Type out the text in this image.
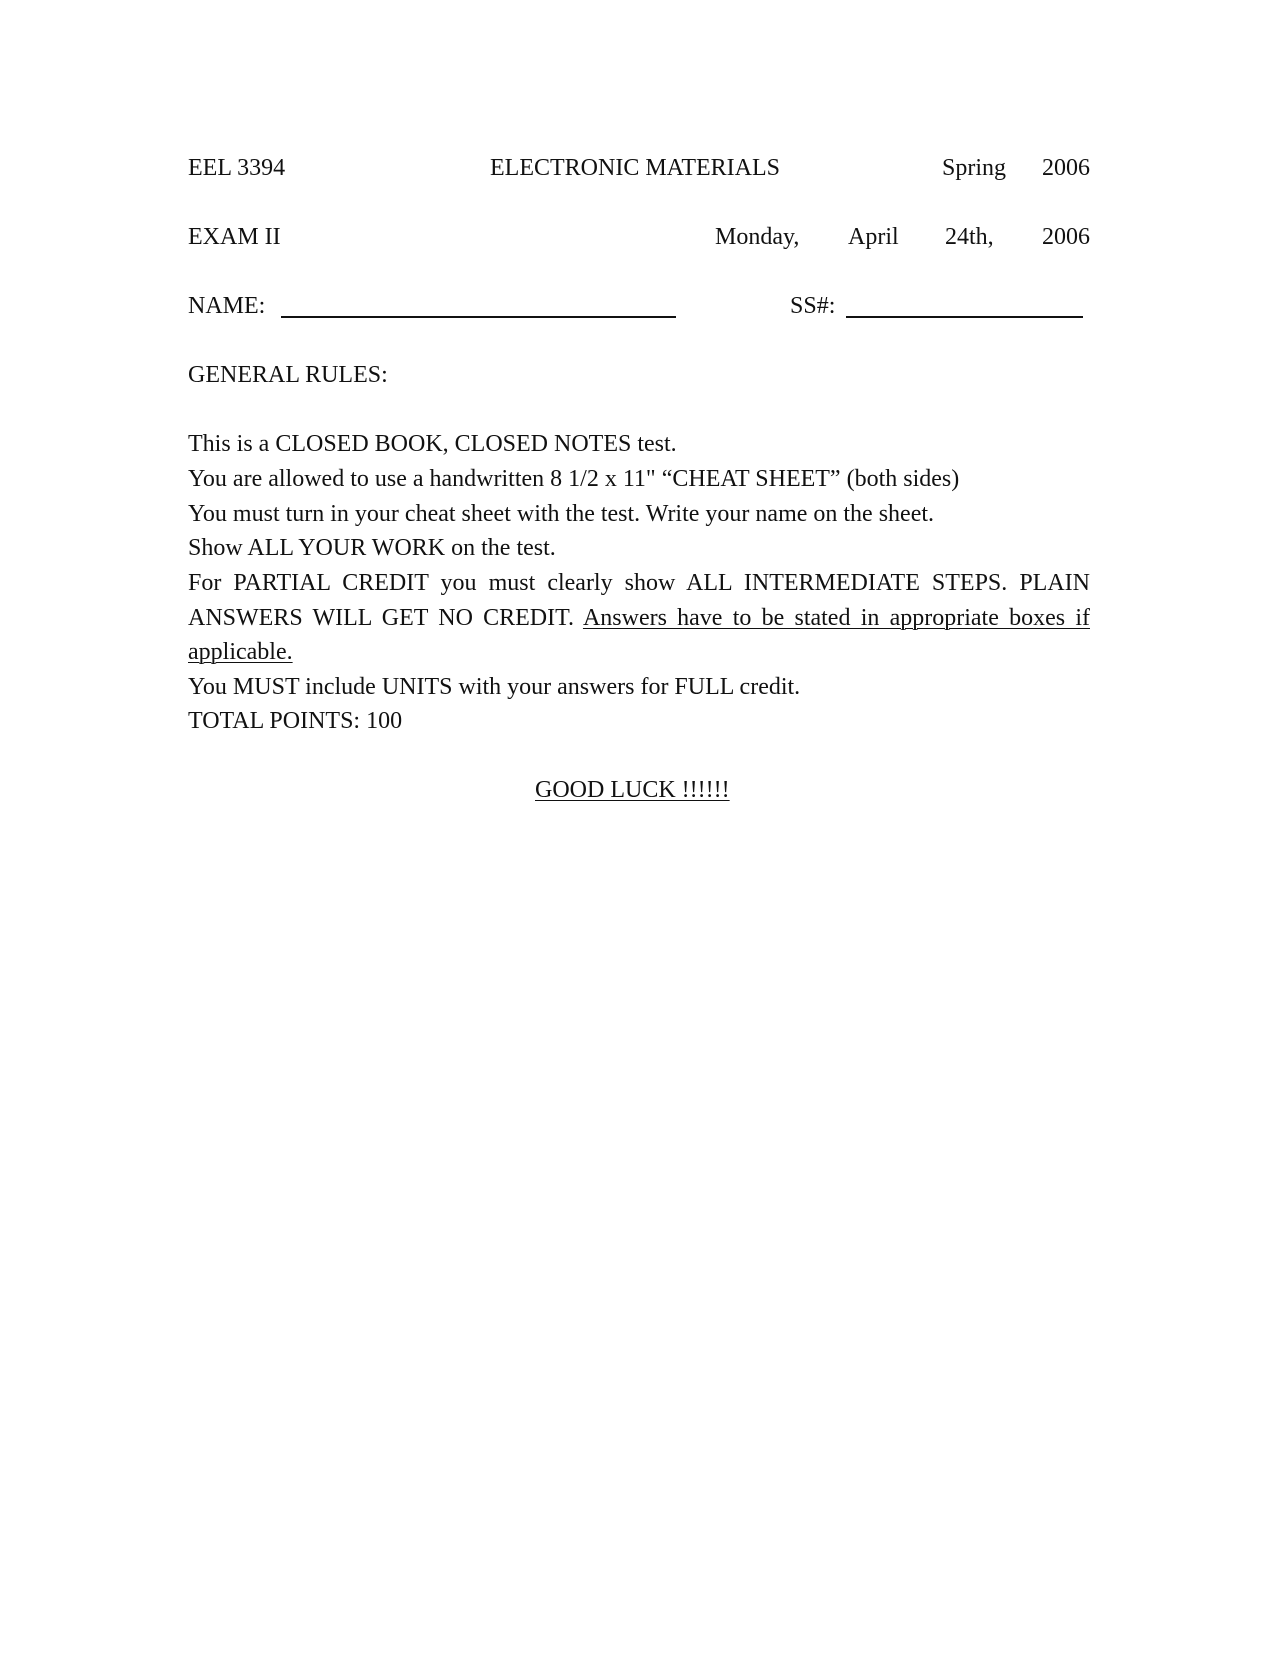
EEL 3394	ELECTRONIC MATERIALS	Spring 2006
EXAM II	Monday, April 24th, 2006
NAME:	SS#:
GENERAL RULES:
This is a CLOSED BOOK, CLOSED NOTES test.
You are allowed to use a handwritten 8 1/2 x 11" “CHEAT SHEET” (both sides)
You must turn in your cheat sheet with the test. Write your name on the sheet.
Show ALL YOUR WORK on the test.
For PARTIAL CREDIT you must clearly show ALL INTERMEDIATE STEPS. PLAIN
ANSWERS WILL GET NO CREDIT. Answers have to be stated in appropriate boxes if
applicable.
You MUST include UNITS with your answers for FULL credit.
TOTAL POINTS: 100
GOOD LUCK !!!!!!
